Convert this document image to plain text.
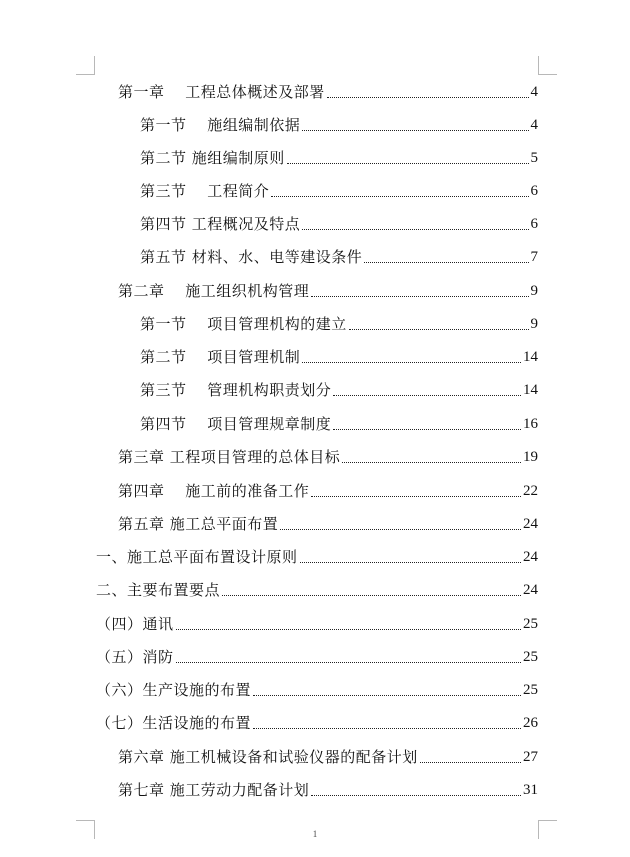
第一章　 工程总体概述及部署	4
第一节　 施组编制依据	4
第二节 施组编制原则	5
第三节　 工程简介	6
第四节 工程概况及特点	6
第五节 材料、水、电等建设条件	7
第二章　 施工组织机构管理	9
第一节　 项目管理机构的建立	9
第二节　 项目管理机制	14
第三节　 管理机构职责划分	14
第四节　 项目管理规章制度	16
第三章 工程项目管理的总体目标	19
第四章　 施工前的准备工作	22
第五章 施工总平面布置	24
一、施工总平面布置设计原则	24
二、主要布置要点	24
（四）通讯	25
（五）消防	25
（六）生产设施的布置	25
（七）生活设施的布置	26
第六章 施工机械设备和试验仪器的配备计划	27
第七章 施工劳动力配备计划	31
1
